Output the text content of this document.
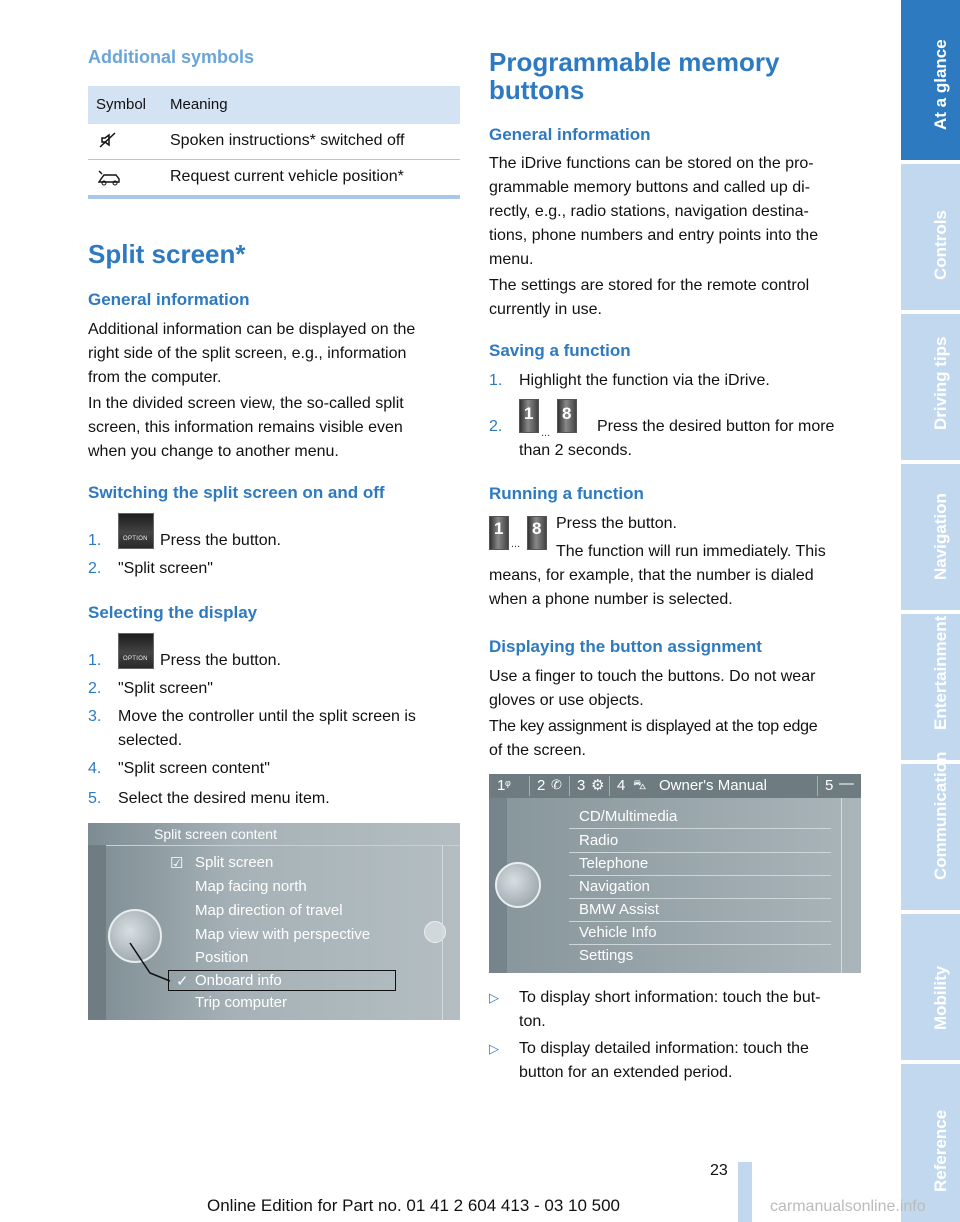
Additional symbols
Symbol Meaning
Spoken instructions* switched off
Request current vehicle position*
Split screen*
General information

Additional information can be displayed on the

right side of the split screen, e.g., information

from the computer.

In the divided screen view, the so-called split

screen, this information remains visible even

when you change to another menu.

Switching the split screen on and off
1.	OPTION Press the button.
2. "Split screen"
Selecting the display
1.	OPTION Press the button.
2. "Split screen"
3. Move the controller until the split screen is
selected.
4. "Split screen content"
5. Select the desired menu item.
Split screen content
☑ Split screen
Map facing north
Map direction of travel
Map view with perspective
Position
✓ Onboard info
Trip computer
Programmable memory
buttons
General information

The iDrive functions can be stored on the pro-

grammable memory buttons and called up di-

rectly, e.g., radio stations, navigation destina-

tions, phone numbers and entry points into the

menu.

The settings are stored for the remote control

currently in use.

Saving a function
1. Highlight the function via the iDrive.
2.
1
...
8
Press the desired button for more
than 2 seconds.
Running a function
1
...
8 Press the button.

The function will run immediately. This

means, for example, that the number is dialed

when a phone number is selected.

Displaying the button assignment

Use a finger to touch the buttons. Do not wear

gloves or use objects.

The key assignment is displayed at the top edge

of the screen.

1 ᵠ 2 ✆ 3 ⚙ 4 ⛍ Owner's Manual	5 —
CD/Multimedia
Radio
Telephone
Navigation
BMW Assist
Vehicle Info
Settings
▷ To display short information: touch the but-
ton.
▷ To display detailed information: touch the
button for an extended period.
At a glance
Controls
Driving tips
Navigation
Entertainment
Communication
Mobility
Reference
23
Online Edition for Part no. 01 41 2 604 413 - 03 10 500	carmanualsonline.info
